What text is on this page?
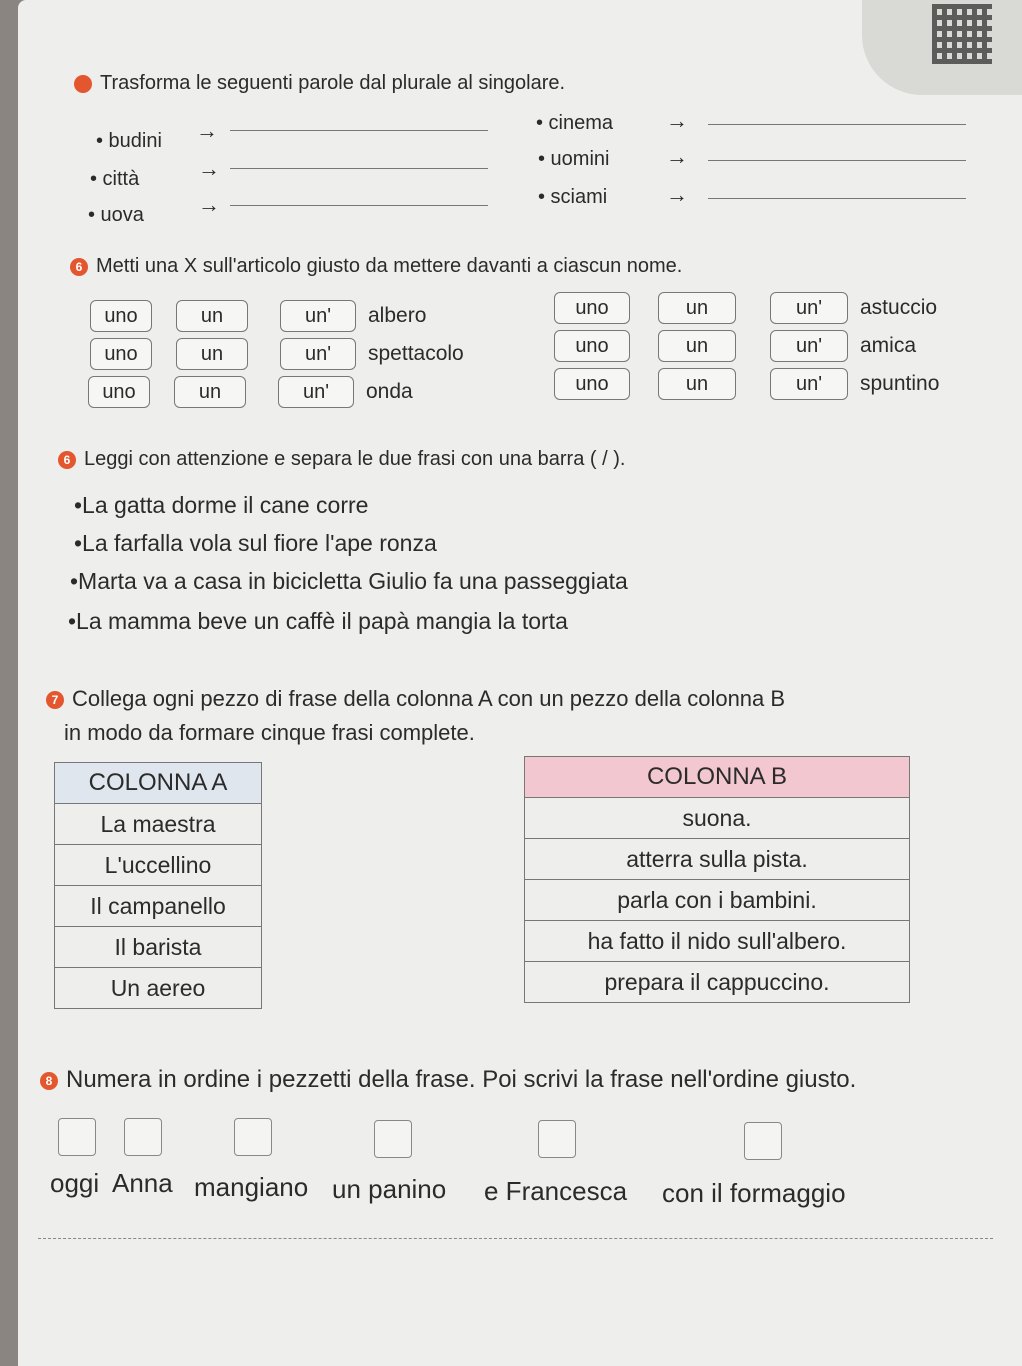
Trasforma le seguenti parole dal plurale al singolare.
• budini →
• città	→
• uova →
• cinema →
• uomini	→
• sciami	→
6 Metti una X sull'articolo giusto da mettere davanti a ciascun nome.
uno	un	un'	albero	uno	un	un'	astuccio
uno	un	un'	spettacolo	uno	un	un'	amica
uno	un	un'	onda	uno	un	un'	spuntino
6 Leggi con attenzione e separa le due frasi con una barra ( / ).
•La gatta dorme il cane corre
•La farfalla vola sul fiore l'ape ronza
•Marta va a casa in bicicletta Giulio fa una passeggiata
•La mamma beve un caffè il papà mangia la torta
7 Collega ogni pezzo di frase della colonna A con un pezzo della colonna B
in modo da formare cinque frasi complete.
COLONNA A
La maestra
L'uccellino
Il campanello
Il barista
Un aereo
COLONNA B
suona.
atterra sulla pista.
parla con i bambini.
ha fatto il nido sull'albero.
prepara il cappuccino.
8 Numera in ordine i pezzetti della frase. Poi scrivi la frase nell'ordine giusto.
oggi Anna mangiano un panino e Francesca con il formaggio
